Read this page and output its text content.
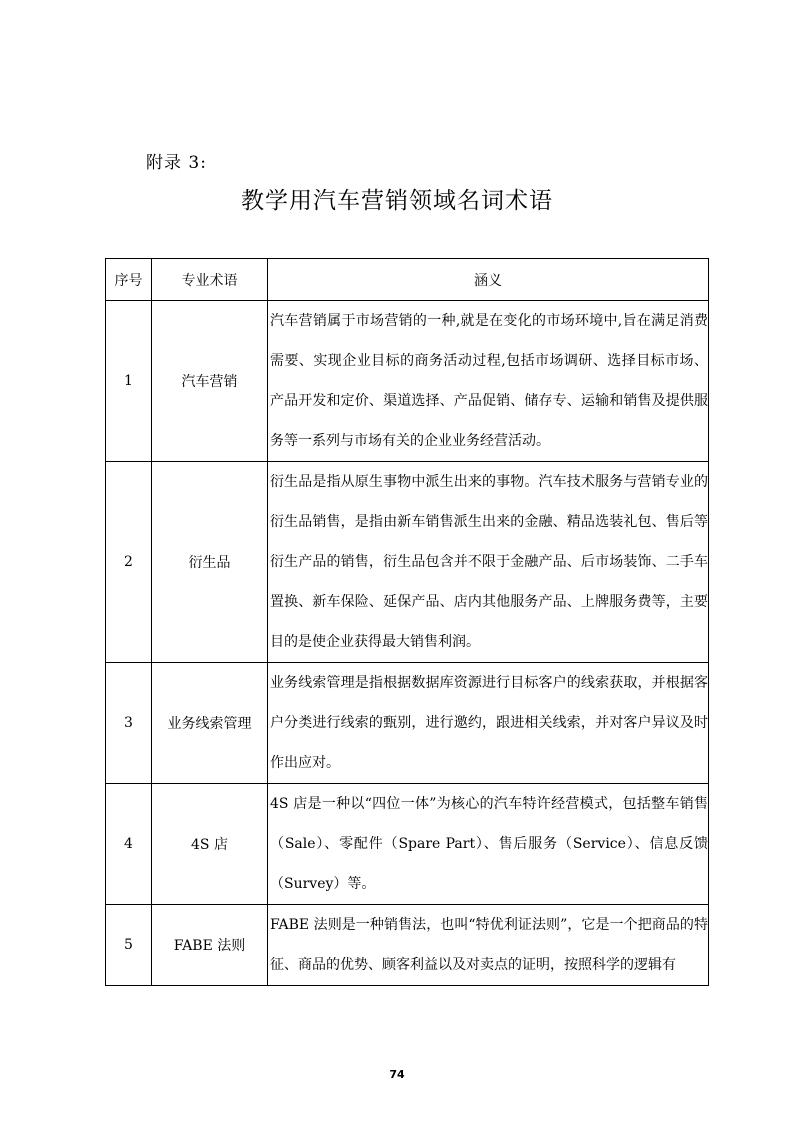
附录 3:
教学用汽车营销领域名词术语
序号	专业术语	涵义
1	汽车营销	汽车营销属于市场营销的一种,就是在变化的市场环境中,旨在满足消费需要、实现企业目标的商务活动过程,包括市场调研、选择目标市场、产品开发和定价、渠道选择、产品促销、储存专、运输和销售及提供服务等一系列与市场有关的企业业务经营活动。
2	衍生品	衍生品是指从原生事物中派生出来的事物。汽车技术服务与营销专业的衍生品销售，是指由新车销售派生出来的金融、精品选装礼包、售后等衍生产品的销售，衍生品包含并不限于金融产品、后市场装饰、二手车置换、新车保险、延保产品、店内其他服务产品、上牌服务费等，主要目的是使企业获得最大销售利润。
3	业务线索管理	业务线索管理是指根据数据库资源进行目标客户的线索获取，并根据客户分类进行线索的甄别，进行邀约，跟进相关线索，并对客户异议及时作出应对。
4	4S 店	4S 店是一种以“四位一体”为核心的汽车特许经营模式，包括整车销售（Sale）、零配件（Spare Part）、售后服务（Service）、信息反馈（Survey）等。
5	FABE 法则	FABE 法则是一种销售法，也叫“特优利证法则”，它是一个把商品的特征、商品的优势、顾客利益以及对卖点的证明，按照科学的逻辑有
74
